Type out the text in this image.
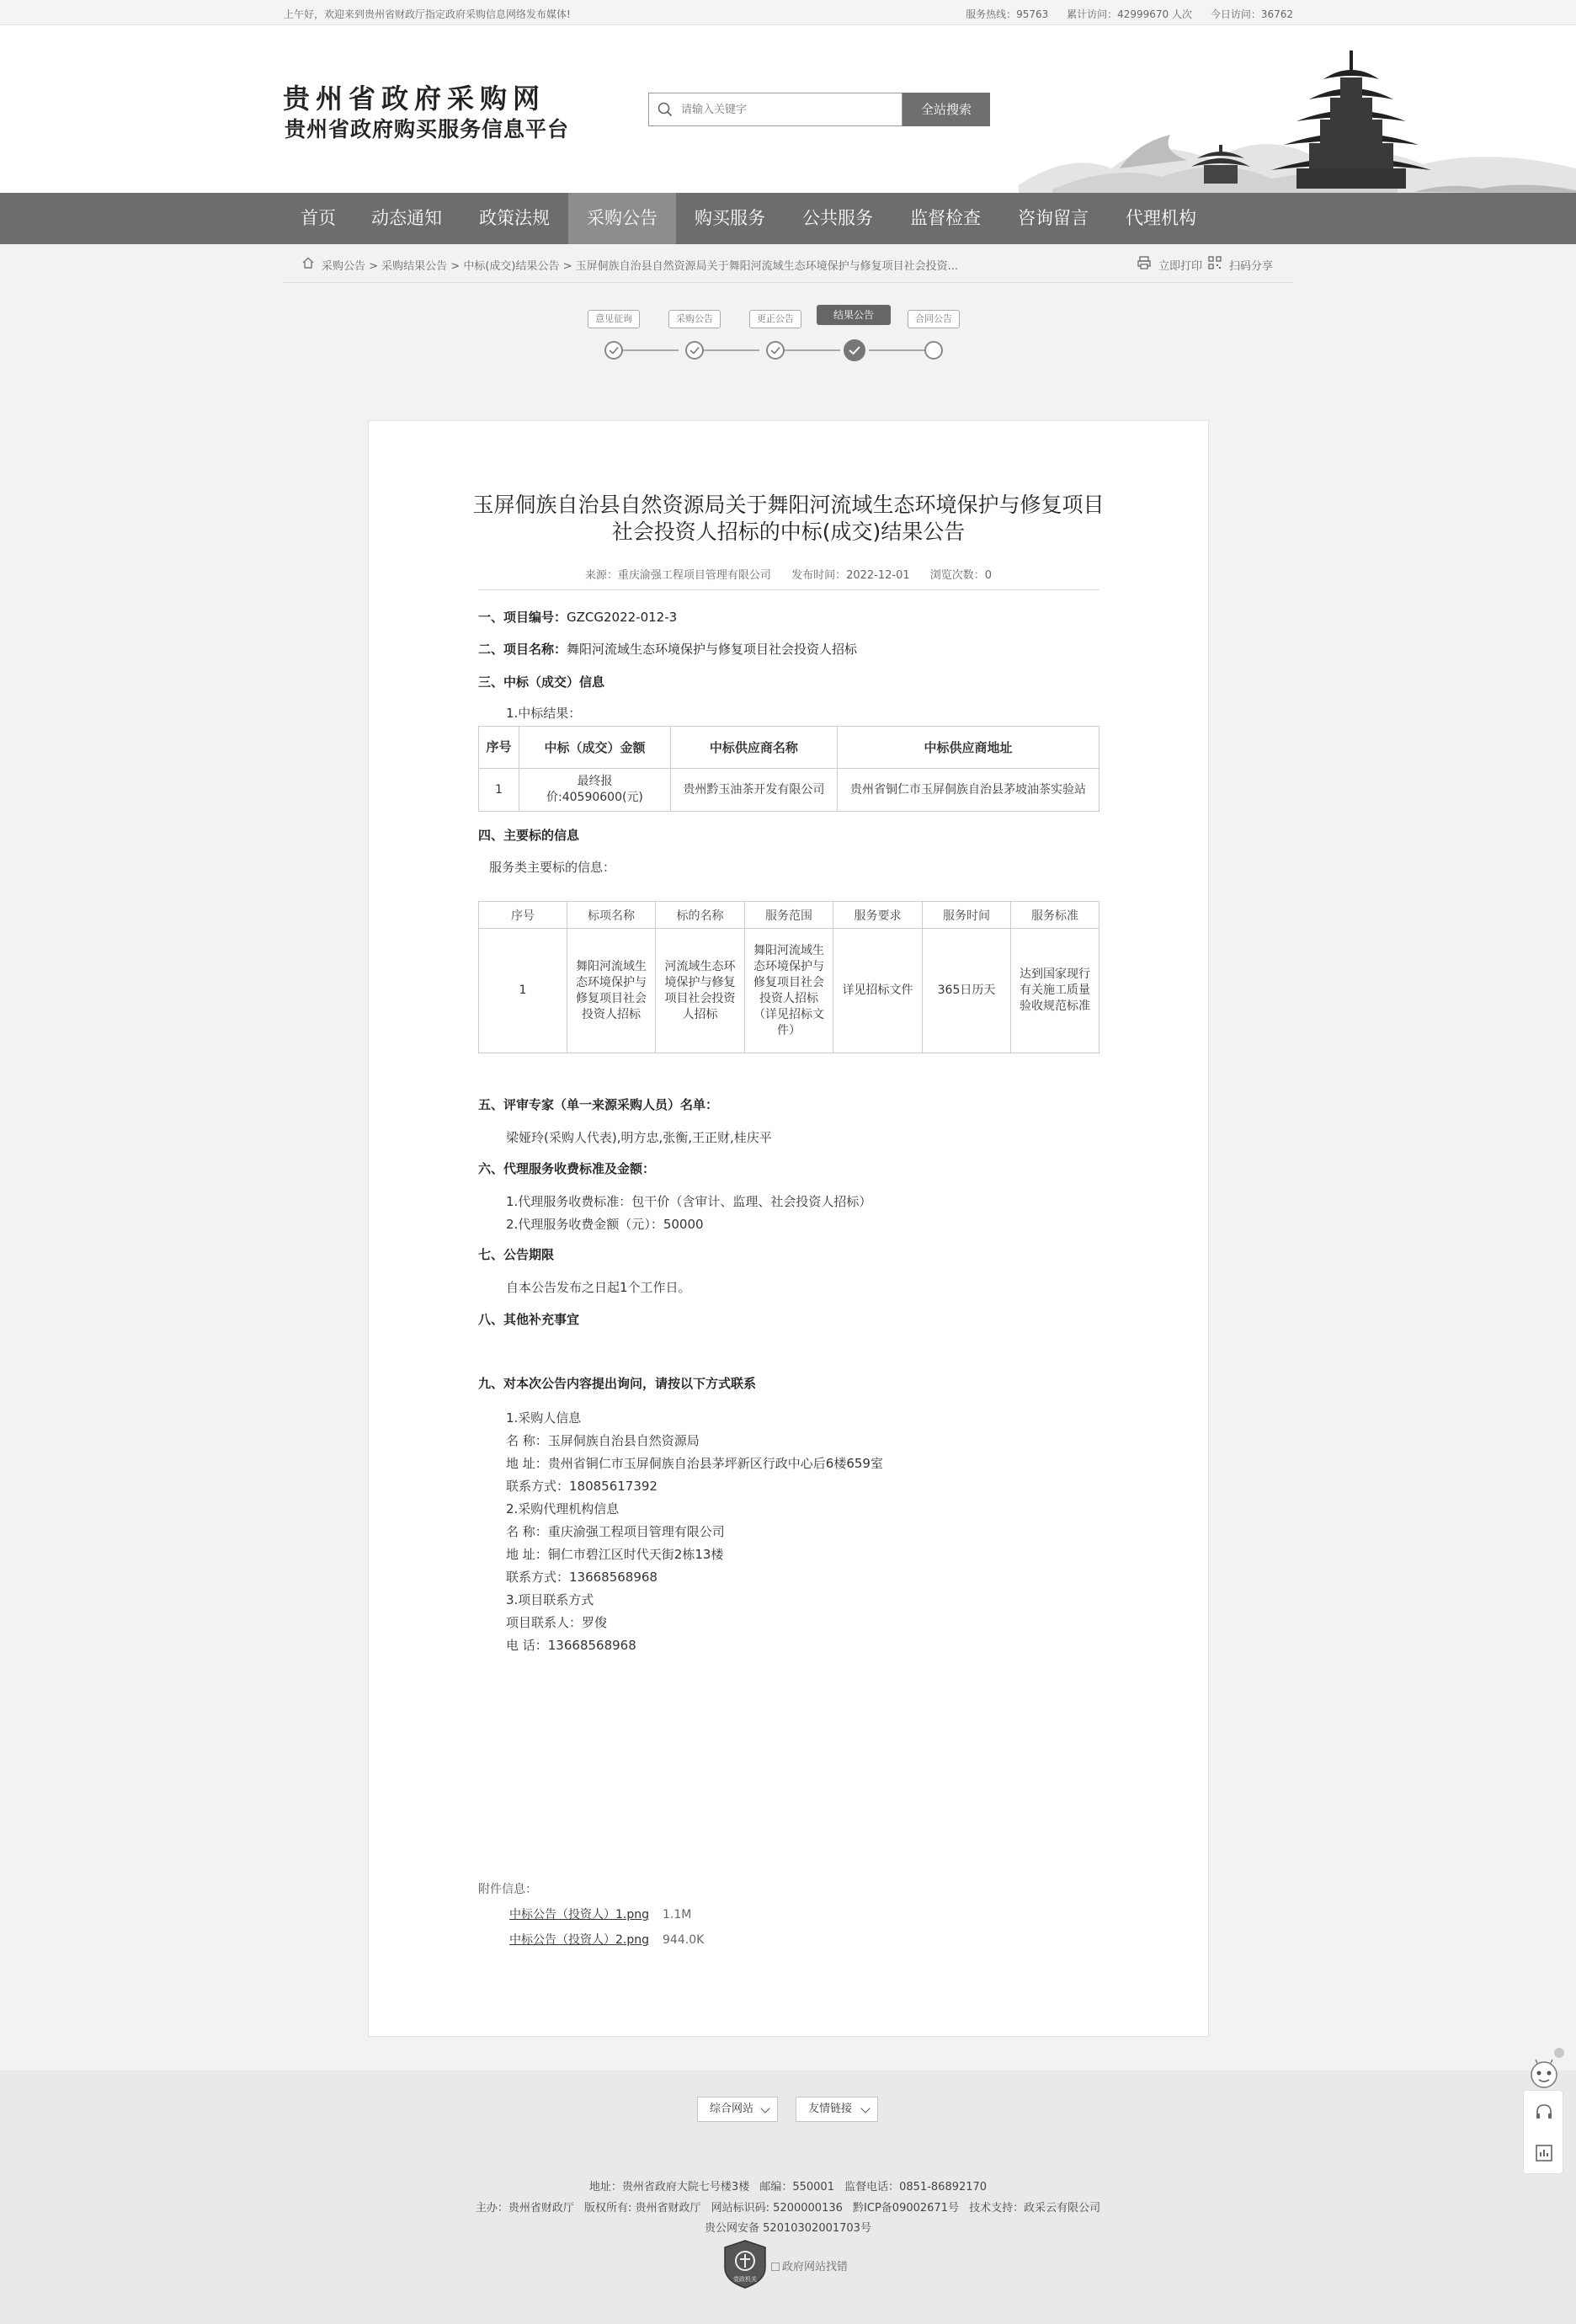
上午好，欢迎来到贵州省财政厅指定政府采购信息网络发布媒体!	服务热线：95763 累计访问：42999670 人次 今日访问：36762
贵州省政府采购网
贵州省政府购买服务信息平台
请输入关键字
全站搜索
首页	动态通知	政策法规	采购公告	购买服务	公共服务	监督检查	咨询留言	代理机构
采购公告 > 采购结果公告 > 中标(成交)结果公告 > 玉屏侗族自治县自然资源局关于舞阳河流域生态环境保护与修复项目社会投资...	立即打印 扫码分享
意见征询	采购公告	更正公告	结果公告	合同公告
玉屏侗族自治县自然资源局关于舞阳河流域生态环境保护与修复项目
社会投资人招标的中标(成交)结果公告
来源：重庆渝强工程项目管理有限公司 发布时间：2022-12-01 浏览次数：0
一、项目编号：GZCG2022-012-3
二、项目名称：舞阳河流域生态环境保护与修复项目社会投资人招标
三、中标（成交）信息
1.中标结果：
序号	中标（成交）金额	中标供应商名称	中标供应商地址
1	最终报价:40590600(元)	贵州黔玉油茶开发有限公司	贵州省铜仁市玉屏侗族自治县茅坡油茶实验站
四、主要标的信息
服务类主要标的信息：
序号	标项名称	标的名称	服务范围	服务要求	服务时间	服务标准
1	舞阳河流域生态环境保护与修复项目社会投资人招标	河流域生态环境保护与修复项目社会投资人招标	舞阳河流域生态环境保护与修复项目社会投资人招标（详见招标文件）	详见招标文件	365日历天	达到国家现行有关施工质量验收规范标准
五、评审专家（单一来源采购人员）名单：
梁娅玲(采购人代表),明方忠,张衡,王正财,桂庆平
六、代理服务收费标准及金额：
1.代理服务收费标准：包干价（含审计、监理、社会投资人招标）
2.代理服务收费金额（元）：50000
七、公告期限
自本公告发布之日起1个工作日。
八、其他补充事宜
九、对本次公告内容提出询问，请按以下方式联系
1.采购人信息
名 称：玉屏侗族自治县自然资源局
地 址：贵州省铜仁市玉屏侗族自治县茅坪新区行政中心后6楼659室
联系方式：18085617392
2.采购代理机构信息
名 称：重庆渝强工程项目管理有限公司
地 址：铜仁市碧江区时代天街2栋13楼
联系方式：13668568968
3.项目联系方式
项目联系人：罗俊
电 话：13668568968
附件信息：
中标公告（投资人）1.png 1.1M
中标公告（投资人）2.png 944.0K
综合网站	友情链接
地址：贵州省政府大院七号楼3楼 邮编：550001 监督电话：0851-86892170
主办：贵州省财政厅 版权所有: 贵州省财政厅 网站标识码: 5200000136 黔ICP备09002671号 技术支持：政采云有限公司
贵公网安备 52010302001703号
党政机关
政府网站找错
